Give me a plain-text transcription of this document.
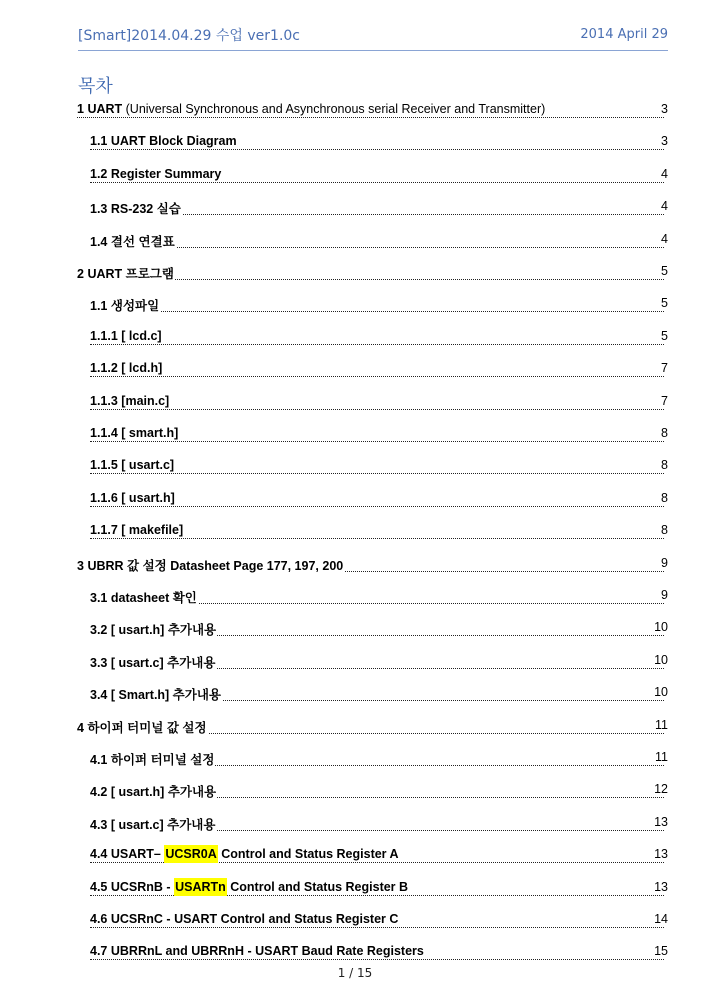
[Smart]2014.04.29 수업 ver1.0c	2014 April 29
목차
1 UART (Universal Synchronous and Asynchronous serial Receiver and Transmitter)	3
1.1 UART Block Diagram	3
1.2 Register Summary	4
1.3 RS-232 실습	4
1.4 결선 연결표	4
2 UART 프로그램	5
1.1 생성파일	5
1.1.1 [ lcd.c]	5
1.1.2 [ lcd.h]	7
1.1.3 [main.c]	7
1.1.4 [ smart.h]	8
1.1.5 [ usart.c]	8
1.1.6 [ usart.h]	8
1.1.7 [ makefile]	8
3 UBRR 값 설정 Datasheet Page 177, 197, 200	9
3.1 datasheet 확인	9
3.2 [ usart.h] 추가내용	10
3.3 [ usart.c] 추가내용	10
3.4 [ Smart.h] 추가내용	10
4 하이퍼 터미널 값 설정	11
4.1 하이퍼 터미널 설정	11
4.2 [ usart.h] 추가내용	12
4.3 [ usart.c] 추가내용	13
4.4 USART– UCSR0A Control and Status Register A	13
4.5 UCSRnB - USARTn Control and Status Register B	13
4.6 UCSRnC - USART Control and Status Register C	14
4.7 UBRRnL and UBRRnH - USART Baud Rate Registers	15
1 / 15
